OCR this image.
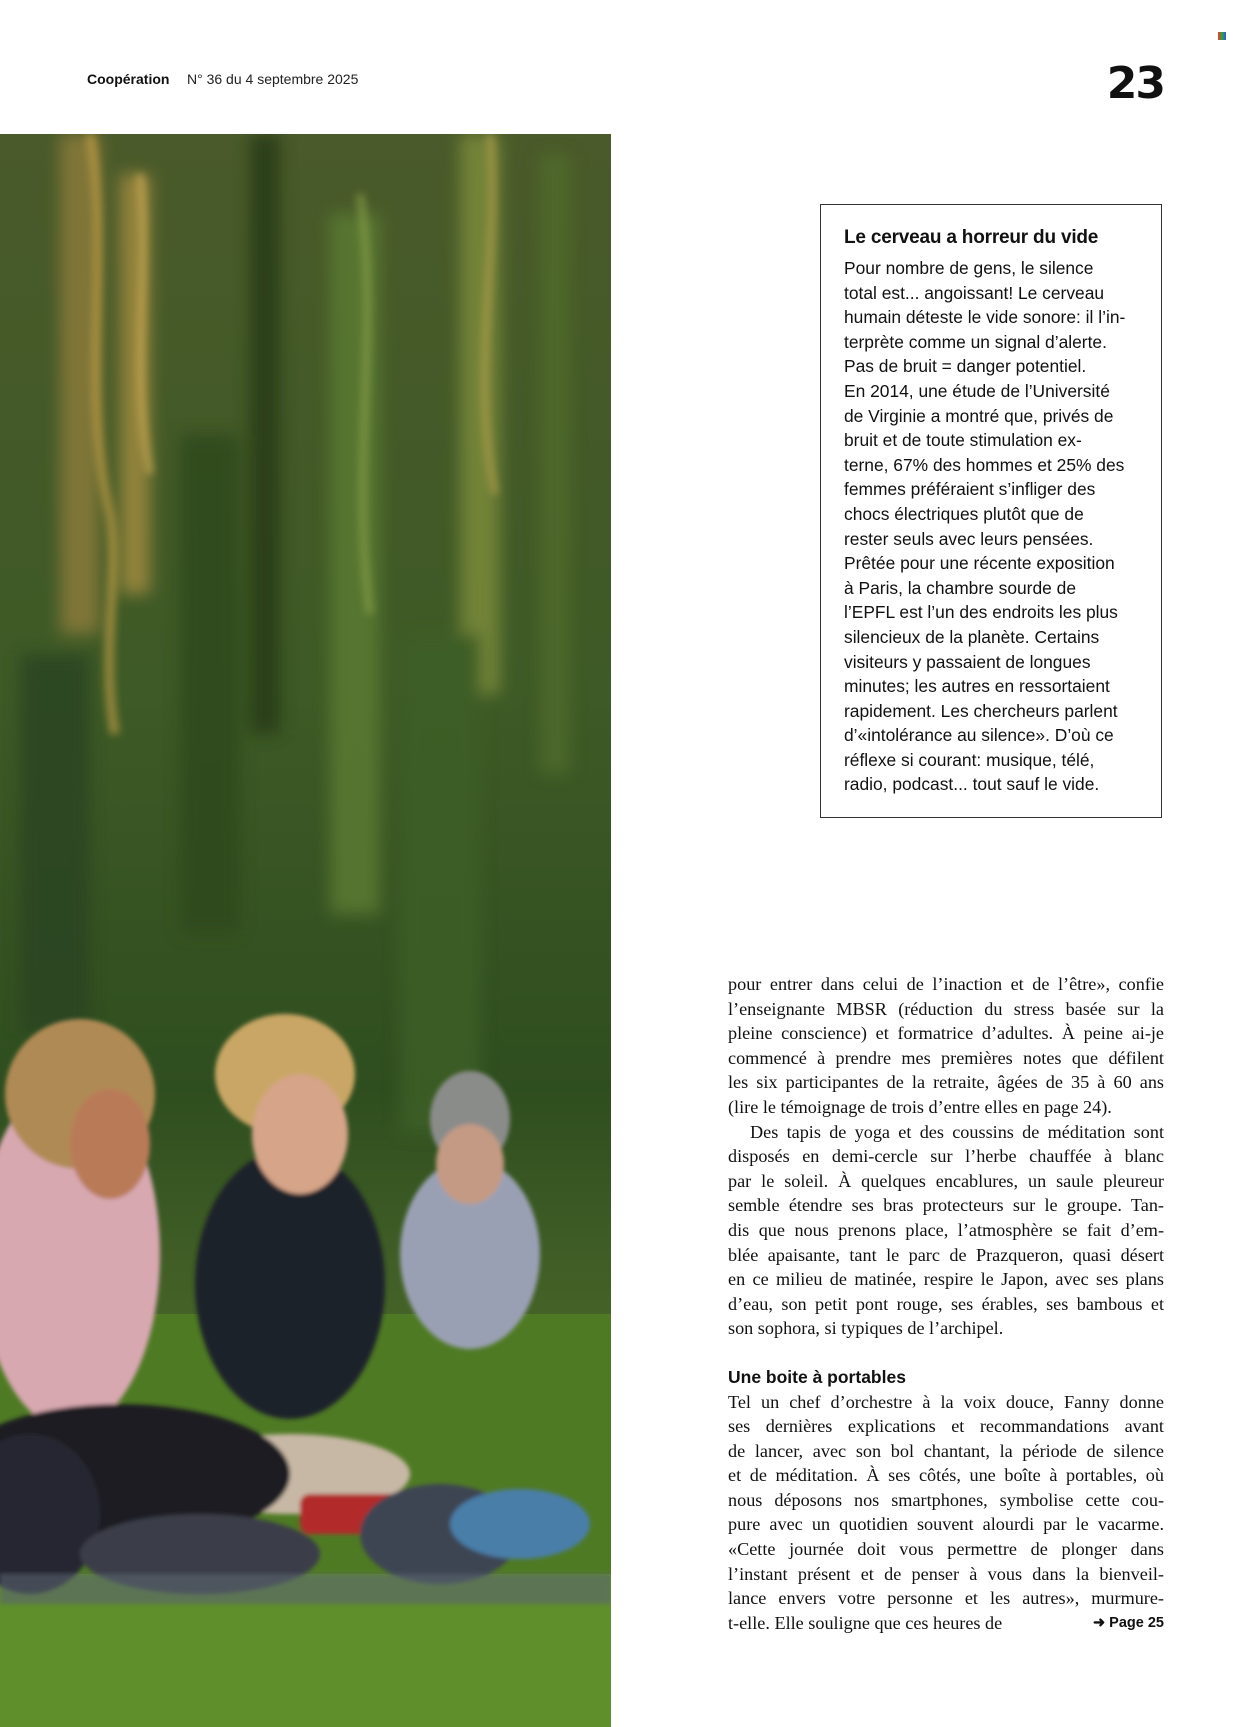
Coopération N° 36 du 4 septembre 2025	23
Le cerveau a horreur du vide
Pour nombre de gens, le silence
total est... angoissant! Le cerveau
humain déteste le vide sonore: il l’in-
terprète comme un signal d’alerte.
Pas de bruit = danger potentiel.
En 2014, une étude de l’Université
de Virginie a montré que, privés de
bruit et de toute stimulation ex-
terne, 67% des hommes et 25% des
femmes préféraient s’infliger des
chocs électriques plutôt que de
rester seuls avec leurs pensées.
Prêtée pour une récente exposition
à Paris, la chambre sourde de
l’EPFL est l’un des endroits les plus
silencieux de la planète. Certains
visiteurs y passaient de longues
minutes; les autres en ressortaient
rapidement. Les chercheurs parlent
d’«intolérance au silence». D’où ce
réflexe si courant: musique, télé,
radio, podcast... tout sauf le vide.
pour entrer dans celui de l’inaction et de l’être», confie
l’enseignante MBSR (réduction du stress basée sur la
pleine conscience) et formatrice d’adultes. À peine ai-je
commencé à prendre mes premières notes que défilent
les six participantes de la retraite, âgées de 35 à 60 ans
(lire le témoignage de trois d’entre elles en page 24).
Des tapis de yoga et des coussins de méditation sont
disposés en demi-cercle sur l’herbe chauffée à blanc
par le soleil. À quelques encablures, un saule pleureur
semble étendre ses bras protecteurs sur le groupe. Tan-
dis que nous prenons place, l’atmosphère se fait d’em-
blée apaisante, tant le parc de Prazqueron, quasi désert
en ce milieu de matinée, respire le Japon, avec ses plans
d’eau, son petit pont rouge, ses érables, ses bambous et
son sophora, si typiques de l’archipel.
Une boite à portables
Tel un chef d’orchestre à la voix douce, Fanny donne
ses dernières explications et recommandations avant
de lancer, avec son bol chantant, la période de silence
et de méditation. À ses côtés, une boîte à portables, où
nous déposons nos smartphones, symbolise cette cou-
pure avec un quotidien souvent alourdi par le vacarme.
«Cette journée doit vous permettre de plonger dans
l’instant présent et de penser à vous dans la bienveil-
lance envers votre personne et les autres», murmure-
t-elle. Elle souligne que ces heures de	➜ Page 25
